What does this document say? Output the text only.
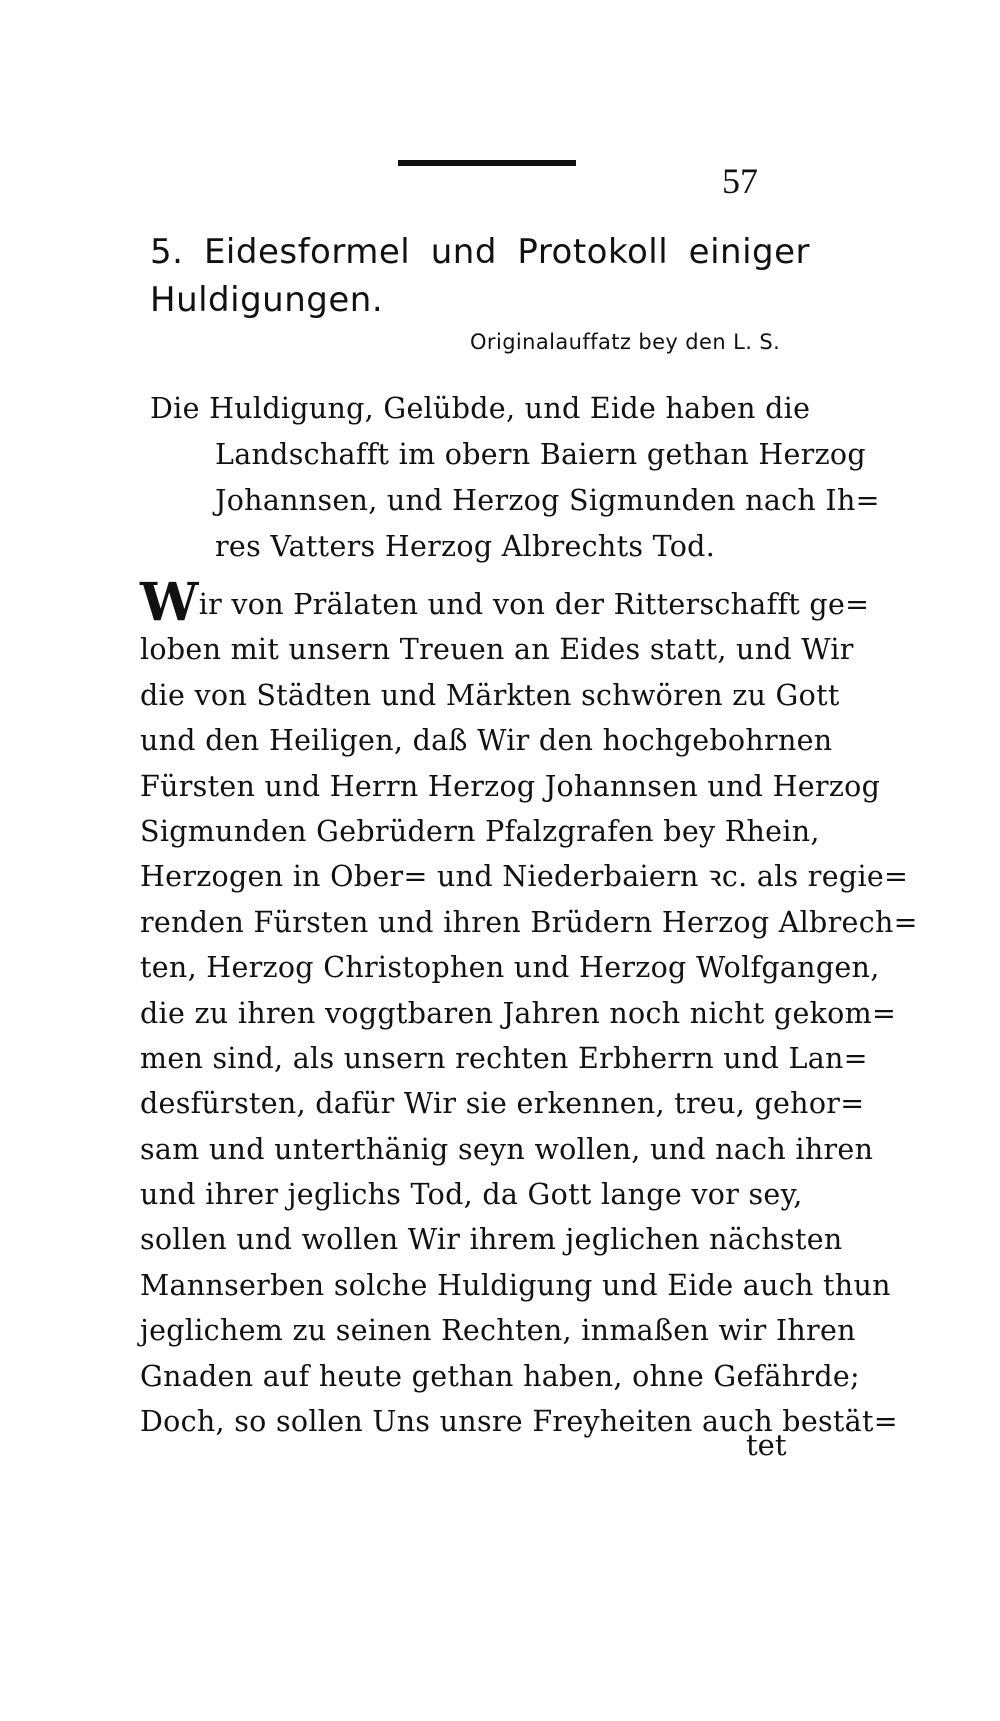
57
5. Eidesformel und Protokoll einiger Huldigungen.
Originalauffatz bey den L. S.
Die Huldigung, Gelübde, und Eide haben die
Landschafft im obern Baiern gethan Herzog
Johannsen, und Herzog Sigmunden nach Ih=
res Vatters Herzog Albrechts Tod.
Wir von Prälaten und von der Ritterschafft ge=
loben mit unsern Treuen an Eides statt, und Wir
die von Städten und Märkten schwören zu Gott
und den Heiligen, daß Wir den hochgebohrnen
Fürsten und Herrn Herzog Johannsen und Herzog
Sigmunden Gebrüdern Pfalzgrafen bey Rhein,
Herzogen in Ober= und Niederbaiern ꝛc. als regie=
renden Fürsten und ihren Brüdern Herzog Albrech=
ten, Herzog Christophen und Herzog Wolfgangen,
die zu ihren voggtbaren Jahren noch nicht gekom=
men sind, als unsern rechten Erbherrn und Lan=
desfürsten, dafür Wir sie erkennen, treu, gehor=
sam und unterthänig seyn wollen, und nach ihren
und ihrer jeglichs Tod, da Gott lange vor sey,
sollen und wollen Wir ihrem jeglichen nächsten
Mannserben solche Huldigung und Eide auch thun
jeglichem zu seinen Rechten, inmaßen wir Ihren
Gnaden auf heute gethan haben, ohne Gefährde;
Doch, so sollen Uns unsre Freyheiten auch bestät=
tet
